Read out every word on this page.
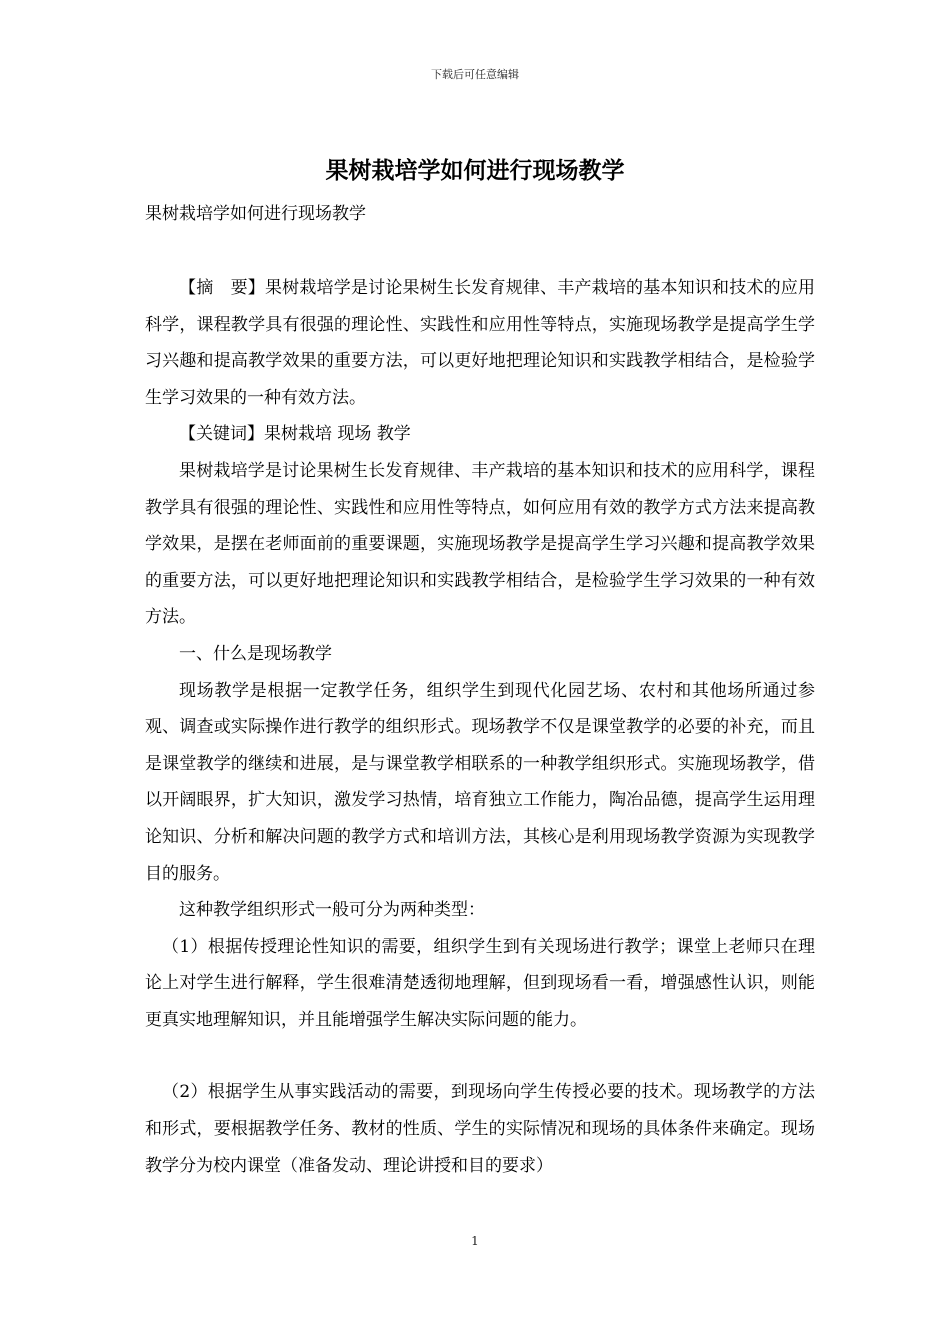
下载后可任意编辑
果树栽培学如何进行现场教学
果树栽培学如何进行现场教学

【摘　要】果树栽培学是讨论果树生长发育规律、丰产栽培的基本知识和技术的应用科学，课程教学具有很强的理论性、实践性和应用性等特点，实施现场教学是提高学生学习兴趣和提高教学效果的重要方法，可以更好地把理论知识和实践教学相结合，是检验学生学习效果的一种有效方法。

【关键词】果树栽培 现场 教学

果树栽培学是讨论果树生长发育规律、丰产栽培的基本知识和技术的应用科学，课程教学具有很强的理论性、实践性和应用性等特点，如何应用有效的教学方式方法来提高教学效果，是摆在老师面前的重要课题，实施现场教学是提高学生学习兴趣和提高教学效果的重要方法，可以更好地把理论知识和实践教学相结合，是检验学生学习效果的一种有效方法。

一、什么是现场教学

现场教学是根据一定教学任务，组织学生到现代化园艺场、农村和其他场所通过参观、调查或实际操作进行教学的组织形式。现场教学不仅是课堂教学的必要的补充，而且是课堂教学的继续和进展，是与课堂教学相联系的一种教学组织形式。实施现场教学，借以开阔眼界，扩大知识，激发学习热情，培育独立工作能力，陶冶品德，提高学生运用理论知识、分析和解决问题的教学方式和培训方法，其核心是利用现场教学资源为实现教学目的服务。

这种教学组织形式一般可分为两种类型：

（1）根据传授理论性知识的需要，组织学生到有关现场进行教学；课堂上老师只在理论上对学生进行解释，学生很难清楚透彻地理解，但到现场看一看，增强感性认识，则能更真实地理解知识，并且能增强学生解决实际问题的能力。

（2）根据学生从事实践活动的需要，到现场向学生传授必要的技术。现场教学的方法和形式，要根据教学任务、教材的性质、学生的实际情况和现场的具体条件来确定。现场教学分为校内课堂（准备发动、理论讲授和目的要求）

1
